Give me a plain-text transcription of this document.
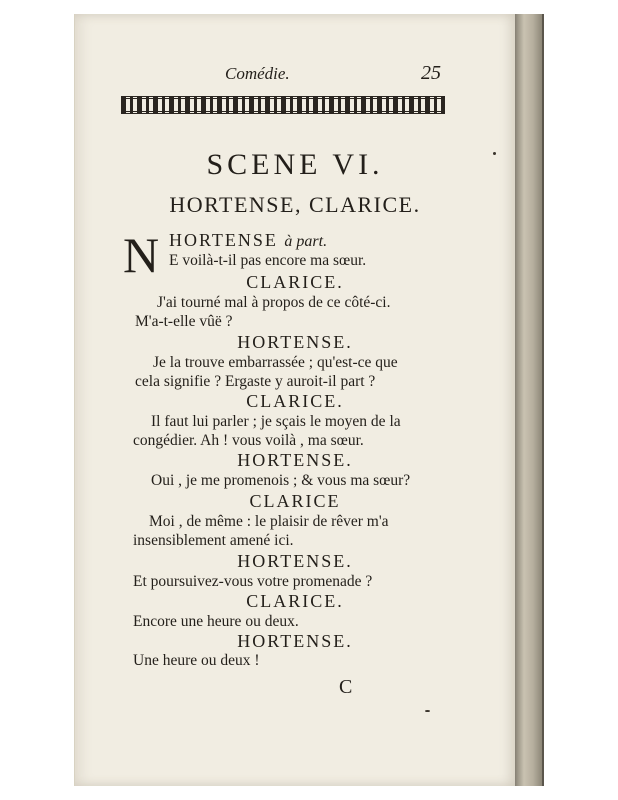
Comédie.	25
SCENE VI.
HORTENSE, CLARICE.
N HORTENSE à part.
E voilà-t-il pas encore ma sœur.
CLARICE.
J'ai tourné mal à propos de ce côté-ci.
M'a-t-elle vûë ?
HORTENSE.
Je la trouve embarrassée ; qu'est-ce que
cela signifie ? Ergaste y auroit-il part ?
CLARICE.
Il faut lui parler ; je sçais le moyen de la
congédier. Ah ! vous voilà , ma sœur.
HORTENSE.
Oui , je me promenois ; & vous ma sœur?
CLARICE
Moi , de même : le plaisir de rêver m'a
insensiblement amené ici.
HORTENSE.
Et poursuivez-vous votre promenade ?
CLARICE.
Encore une heure ou deux.
HORTENSE.
Une heure ou deux !
C
